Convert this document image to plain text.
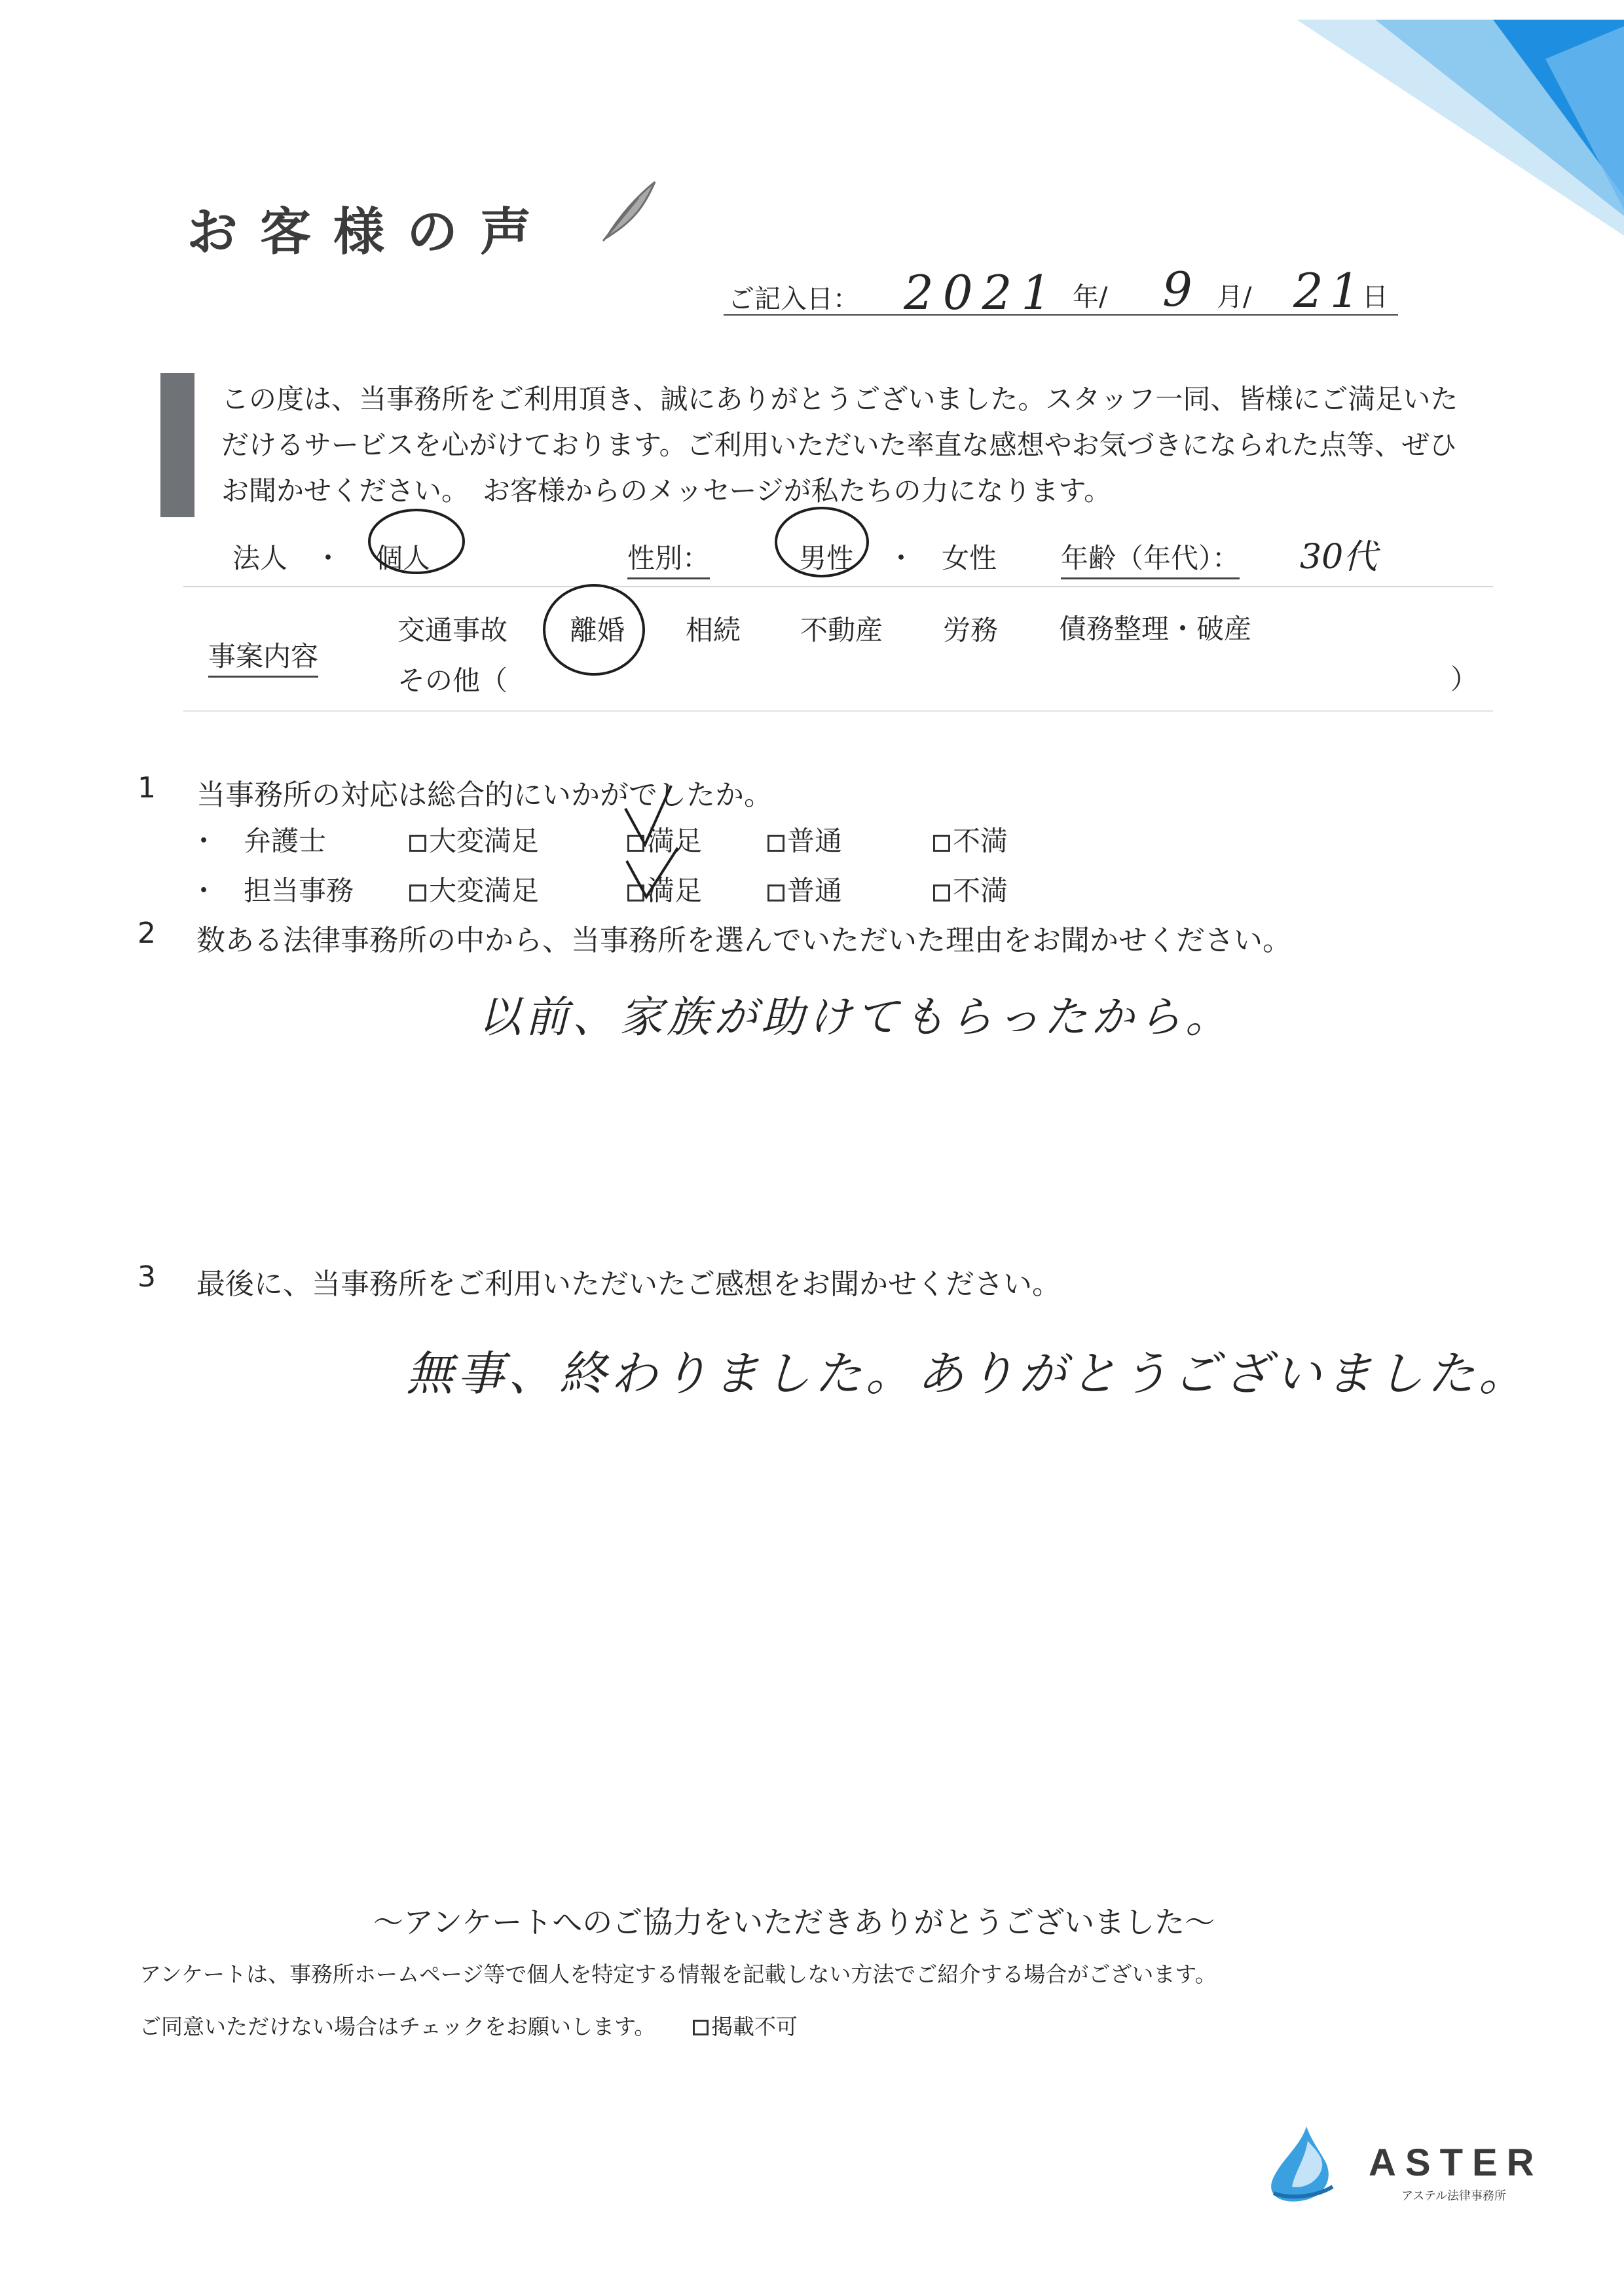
お客様の声
ご記入日： 2021 年/ 9 月/ 21
日
この度は、当事務所をご利用頂き、誠にありがとうございました。スタッフ一同、皆様にご満足いた
だけるサービスを心がけております。ご利用いただいた率直な感想やお気づきになられた点等、ぜひ
お聞かせください。　お客様からのメッセージが私たちの力になります。
法人 ・ 個人	性別：	男性 ・ 女性 年齢（年代）： 30代
事案内容
交通事故 離婚 相続 不動産 労務 債務整理・破産
その他（	）
1 当事務所の対応は総合的にいかがでしたか。
・ 弁護士	大変満足	満足	普通	不満
・ 担当事務	大変満足	満足	普通	不満
2 数ある法律事務所の中から、当事務所を選んでいただいた理由をお聞かせください。
以前、家族が助けてもらったから。
3 最後に、当事務所をご利用いただいたご感想をお聞かせください。
無事、終わりました。ありがとうございました。
～アンケートへのご協力をいただきありがとうございました～
アンケートは、事務所ホームページ等で個人を特定する情報を記載しない方法でご紹介する場合がございます。
ご同意いただけない場合はチェックをお願いします。	掲載不可
ASTER
アステル法律事務所
